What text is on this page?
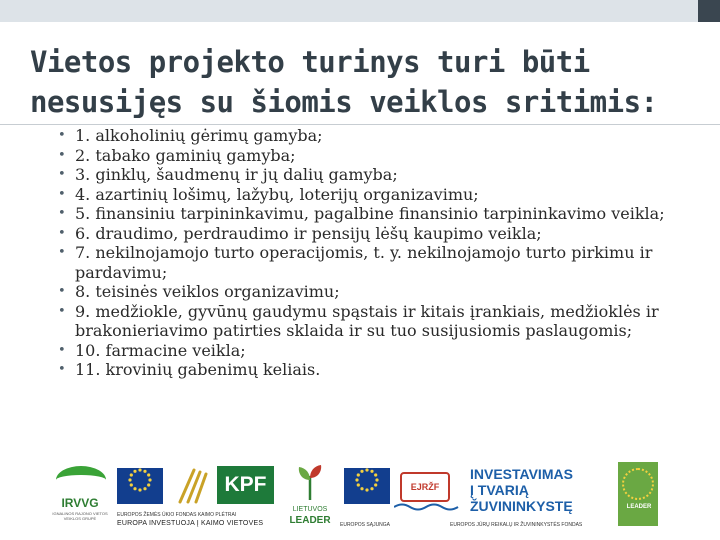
Vietos projekto turinys turi būti nesusijęs su šiomis veiklos sritimis:
• 1. alkoholinių gėrimų gamyba;
• 2. tabako gaminių gamyba;
• 3. ginklų, šaudmenų ir jų dalių gamyba;
• 4. azartinių lošimų, lažybų, loterijų organizavimu;
• 5. finansiniu tarpininkavimu, pagalbine finansinio tarpininkavimo veikla;
• 6. draudimo, perdraudimo ir pensijų lėšų kaupimo veikla;
• 7. nekilnojamojo turto operacijomis, t. y. nekilnojamojo turto pirkimu ir pardavimu;
• 8. teisinės veiklos organizavimu;
• 9. medžiokle, gyvūnų gaudymu spąstais ir kitais įrankiais, medžioklės ir brakonieriavimo patirties sklaida ir su tuo susijusiomis paslaugomis;
• 10. farmacine veikla;
• 11. krovinių gabenimų keliais.
IRVVG
IGNALINOS RAJONO VIETOS VEIKLOS GRUPĖ
KPF
EUROPOS ŽEMĖS ŪKIO FONDAS KAIMO PLĖTRAI
EUROPA INVESTUOJA Į KAIMO VIETOVES
LIETUVOS
LEADER
EJRŽF
EUROPOS SĄJUNGA	EUROPOS JŪRŲ REIKALŲ IR ŽUVININKYSTĖS FONDAS
INVESTAVIMAS
Į TVARIĄ
ŽUVININKYSTĘ	LEADER
